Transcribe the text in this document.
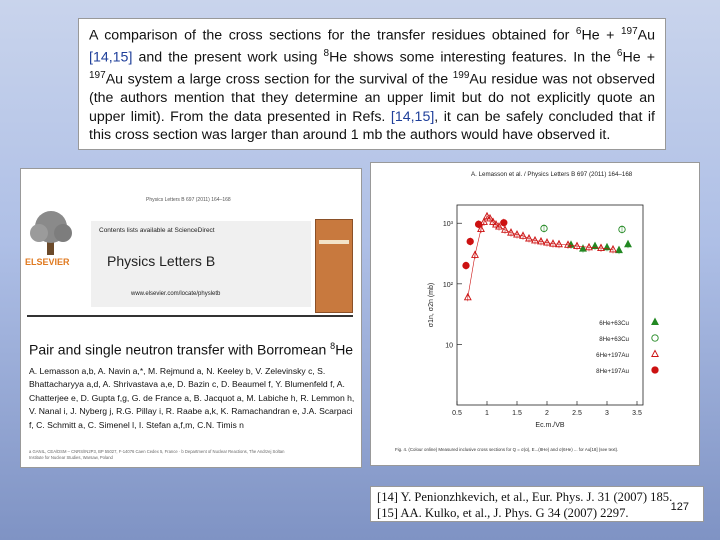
A comparison of the cross sections for the transfer residues obtained for $^6$He + $^{197}$Au [14,15] and the present work using $^8$He shows some interesting features. In the $^6$He + $^{197}$Au system a large cross section for the survival of the $^{199}$Au residue was not observed (the authors mention that they determine an upper limit but do not explicitly quote an upper limit). From the data presented in Refs. [14,15], it can be safely concluded that if this cross section was larger than around 1 mb the authors would have observed it.
Physics Letters B 697 (2011) 164–168
ELSEVIER
Contents lists available at ScienceDirect
Physics Letters B
www.elsevier.com/locate/physletb
Pair and single neutron transfer with Borromean $^8$He
A. Lemasson a,b, A. Navin a,*, M. Rejmund a, N. Keeley b, V. Zelevinsky c, S. Bhattacharyya a,d, A. Shrivastava a,e, D. Bazin c, D. Beaumel f, Y. Blumenfeld f, A. Chatterjee e, D. Gupta f,g, G. de France a, B. Jacquot a, M. Labiche h, R. Lemmon h, V. Nanal i, J. Nyberg j, R.G. Pillay i, R. Raabe a,k, K. Ramachandran e, J.A. Scarpaci f, C. Schmitt a, C. Simenel l, I. Stefan a,f,m, C.N. Timis n
a GANIL, CEA/DSM – CNRS/IN2P3, BP 55027, F-14076 Caen Cedex 5, France · b Department of Nuclear Reactions, The Andrzej Soltan Institute for Nuclear Studies, Warsaw, Poland
A. Lemasson et al. / Physics Letters B 697 (2011) 164–168
0.5	1	1.5	2	2.5	3	3.5
10
10²
10³
Ec.m./VB
σ1n, σ2n (mb)	6He+63Cu
8He+63Cu
6He+197Au
8He+197Au
Fig. 4. (Colour online) Measured inclusive cross sections for Q = σ(α), E...(8He) and σ(6He) ... for Au[18] (see text).
[14] Y. Penionzhkevich, et al., Eur. Phys. J. 31 (2007) 185.
[15] AA. Kulko, et al., J. Phys. G 34 (2007) 2297.	127
